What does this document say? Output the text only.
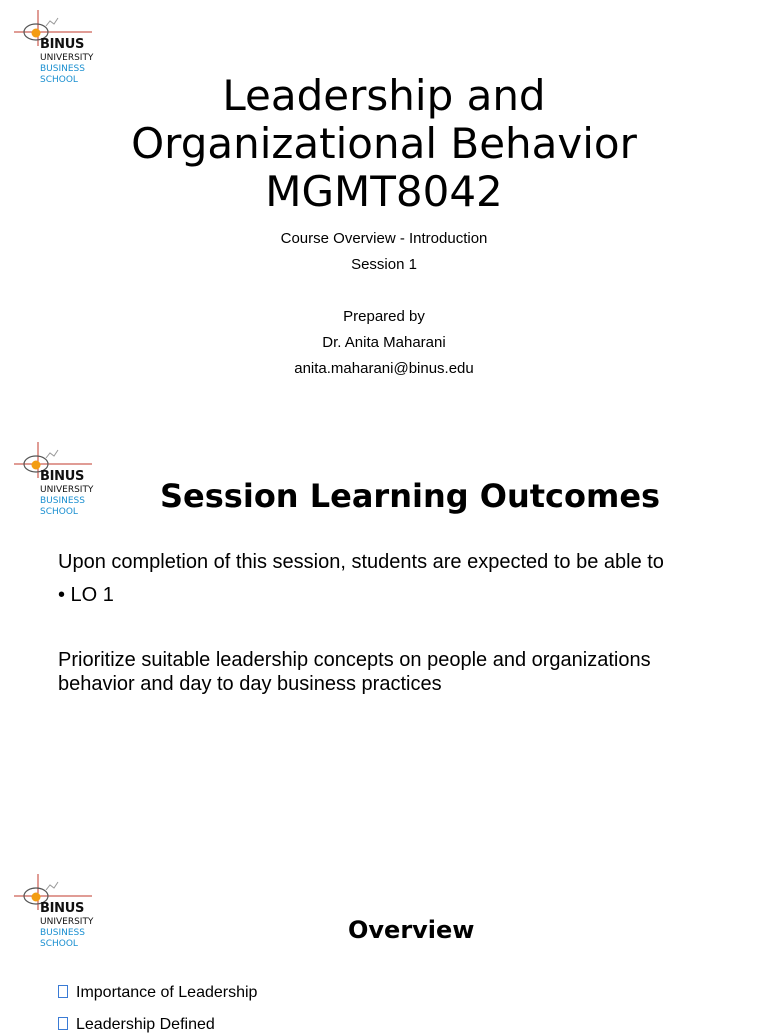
BINUS
UNIVERSITY
BUSINESS
SCHOOL	Leadership and
Organizational Behavior
MGMT8042
Course Overview - Introduction
Session 1
Prepared by
Dr. Anita Maharani
anita.maharani@binus.edu
BINUS
UNIVERSITY
BUSINESS
SCHOOL	Session Learning Outcomes
Upon completion of this session, students are expected to be able to
• LO 1
Prioritize suitable leadership concepts on people and organizations
behavior and day to day business practices
BINUS
UNIVERSITY
BUSINESS
SCHOOL	Overview
Importance of Leadership
Leadership Defined
